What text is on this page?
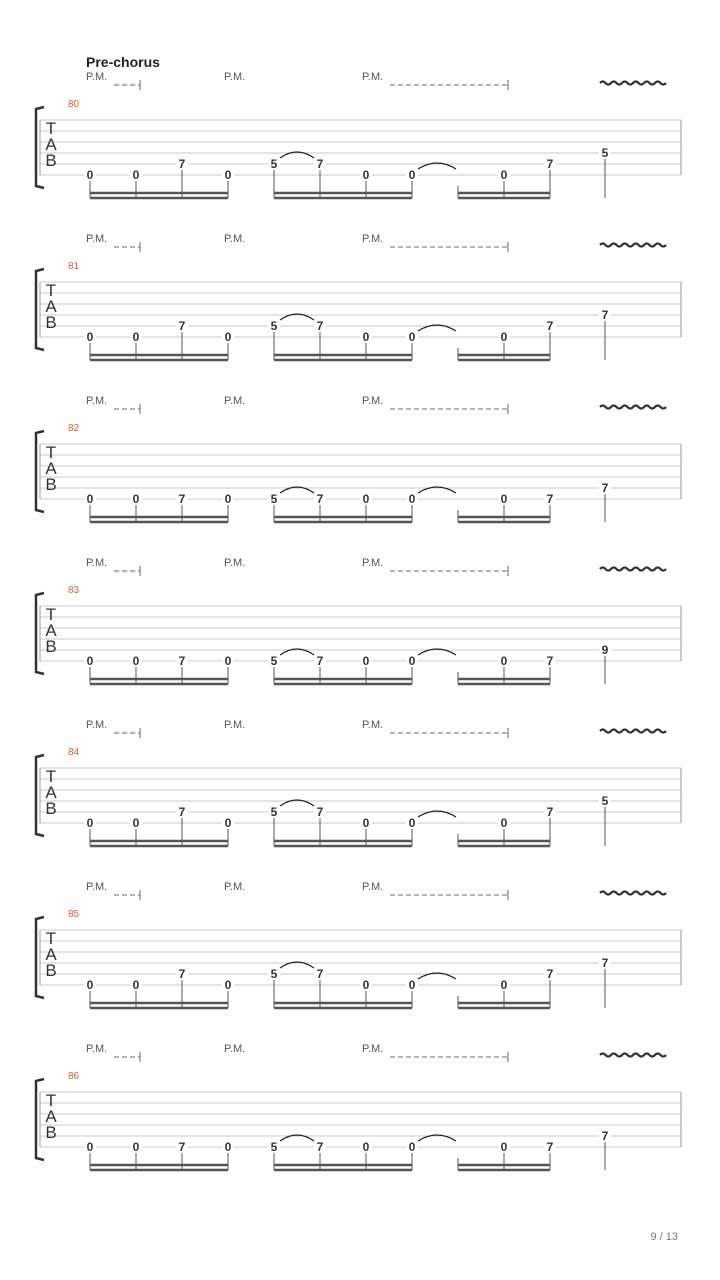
Pre-chorus
P.M.	P.M.	P.M.
80
T
A
B
0	0
7
0
5	7
0	0	0
7
5
P.M.	P.M.	P.M.
81
T
A
B
0	0
7
0
5	7
0	0	0
7
7
P.M.	P.M.	P.M.
82
T
A
B
0	0	7	0	5	7	0	0	0	7
7
P.M.	P.M.	P.M.
83
T
A
B
0	0	7	0	5	7	0	0	0	7
9
P.M.	P.M.	P.M.
84
T
A
B
0	0
7
0
5	7
0	0	0
7
5
P.M.	P.M.	P.M.
85
T
A
B
0	0
7
0
5	7
0	0	0
7
7
P.M.	P.M.	P.M.
86
T
A
B
0	0	7	0	5	7	0	0	0	7
7
9 / 13
